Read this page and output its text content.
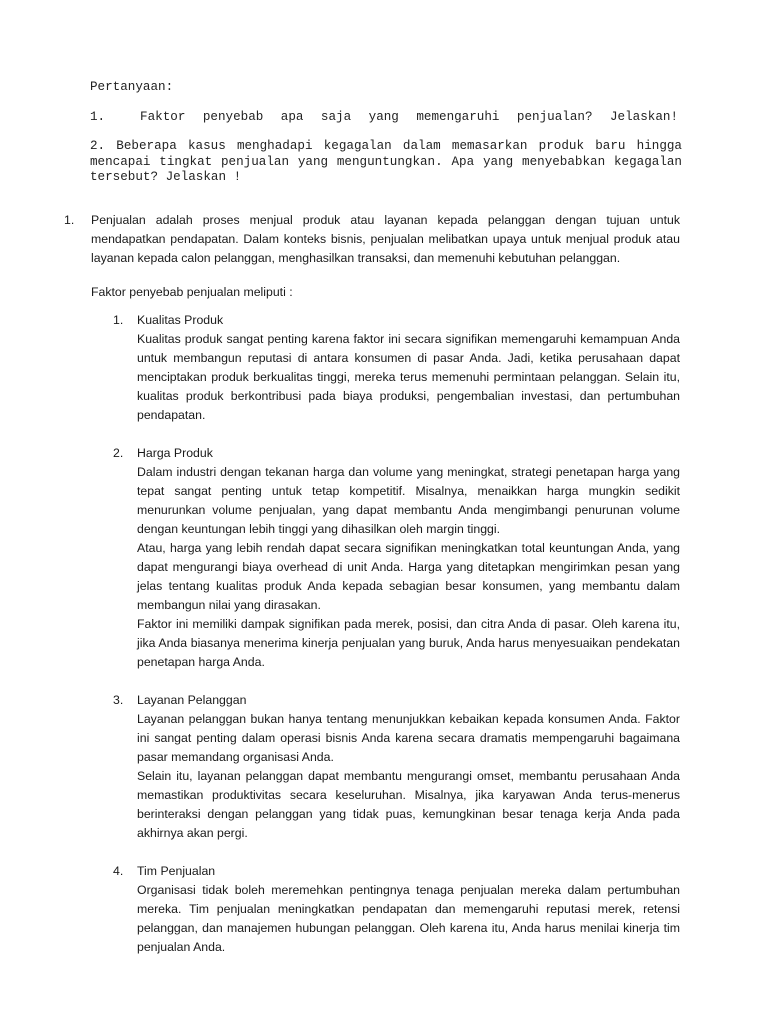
Pertanyaan:

1.  Faktor penyebab apa saja yang memengaruhi penjualan? Jelaskan!

2. Beberapa kasus menghadapi kegagalan dalam memasarkan produk baru hingga mencapai tingkat penjualan yang menguntungkan. Apa yang menyebabkan kegagalan tersebut? Jelaskan !

1. Penjualan adalah proses menjual produk atau layanan kepada pelanggan dengan tujuan untuk mendapatkan pendapatan. Dalam konteks bisnis, penjualan melibatkan upaya untuk menjual produk atau layanan kepada calon pelanggan, menghasilkan transaksi, dan memenuhi kebutuhan pelanggan.

Faktor penyebab penjualan meliputi :

1. Kualitas Produk

Kualitas produk sangat penting karena faktor ini secara signifikan memengaruhi kemampuan Anda untuk membangun reputasi di antara konsumen di pasar Anda. Jadi, ketika perusahaan dapat menciptakan produk berkualitas tinggi, mereka terus memenuhi permintaan pelanggan. Selain itu, kualitas produk berkontribusi pada biaya produksi, pengembalian investasi, dan pertumbuhan pendapatan.

2. Harga Produk

Dalam industri dengan tekanan harga dan volume yang meningkat, strategi penetapan harga yang tepat sangat penting untuk tetap kompetitif. Misalnya, menaikkan harga mungkin sedikit menurunkan volume penjualan, yang dapat membantu Anda mengimbangi penurunan volume dengan keuntungan lebih tinggi yang dihasilkan oleh margin tinggi.

Atau, harga yang lebih rendah dapat secara signifikan meningkatkan total keuntungan Anda, yang dapat mengurangi biaya overhead di unit Anda. Harga yang ditetapkan mengirimkan pesan yang jelas tentang kualitas produk Anda kepada sebagian besar konsumen, yang membantu dalam membangun nilai yang dirasakan.

Faktor ini memiliki dampak signifikan pada merek, posisi, dan citra Anda di pasar. Oleh karena itu, jika Anda biasanya menerima kinerja penjualan yang buruk, Anda harus menyesuaikan pendekatan penetapan harga Anda.

3. Layanan Pelanggan

Layanan pelanggan bukan hanya tentang menunjukkan kebaikan kepada konsumen Anda. Faktor ini sangat penting dalam operasi bisnis Anda karena secara dramatis mempengaruhi bagaimana pasar memandang organisasi Anda.

Selain itu, layanan pelanggan dapat membantu mengurangi omset, membantu perusahaan Anda memastikan produktivitas secara keseluruhan. Misalnya, jika karyawan Anda terus-menerus berinteraksi dengan pelanggan yang tidak puas, kemungkinan besar tenaga kerja Anda pada akhirnya akan pergi.

4. Tim Penjualan

Organisasi tidak boleh meremehkan pentingnya tenaga penjualan mereka dalam pertumbuhan mereka. Tim penjualan meningkatkan pendapatan dan memengaruhi reputasi merek, retensi pelanggan, dan manajemen hubungan pelanggan. Oleh karena itu, Anda harus menilai kinerja tim penjualan Anda.
